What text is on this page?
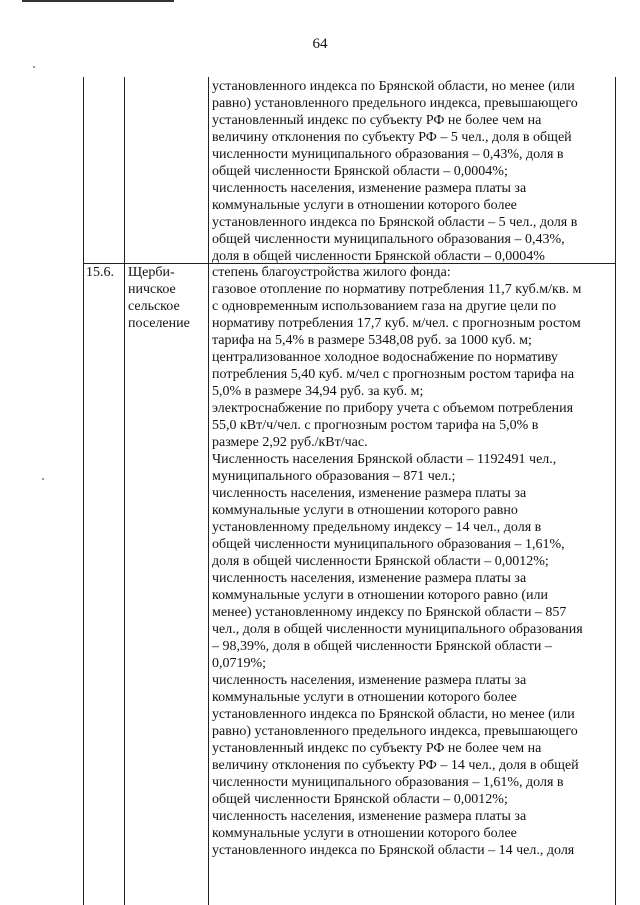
64
установленного индекса по Брянской области, но менее (или
равно) установленного предельного индекса, превышающего
установленный индекс по субъекту РФ не более чем на
величину отклонения по субъекту РФ – 5 чел., доля в общей
численности муниципального образования – 0,43%, доля в
общей численности Брянской области – 0,0004%;
численность населения, изменение размера платы за
коммунальные услуги в отношении которого более
установленного индекса по Брянской области – 5 чел., доля в
общей численности муниципального образования – 0,43%,
доля в общей численности Брянской области – 0,0004%
15.6.	Щерби-
ничское
сельское
поселение
степень благоустройства жилого фонда:
газовое отопление по нормативу потребления 11,7 куб.м/кв. м
с одновременным использованием газа на другие цели по
нормативу потребления 17,7 куб. м/чел. с прогнозным ростом
тарифа на 5,4% в размере 5348,08 руб. за 1000 куб. м;
централизованное холодное водоснабжение по нормативу
потребления 5,40 куб. м/чел с прогнозным ростом тарифа на
5,0% в размере 34,94 руб. за куб. м;
электроснабжение по прибору учета с объемом потребления
55,0 кВт/ч/чел. с прогнозным ростом тарифа на 5,0% в
размере 2,92 руб./кВт/час.
Численность населения Брянской области – 1192491 чел.,
муниципального образования – 871 чел.;
численность населения, изменение размера платы за
коммунальные услуги в отношении которого равно
установленному предельному индексу – 14 чел., доля в
общей численности муниципального образования – 1,61%,
доля в общей численности Брянской области – 0,0012%;
численность населения, изменение размера платы за
коммунальные услуги в отношении которого равно (или
менее) установленному индексу по Брянской области – 857
чел., доля в общей численности муниципального образования
– 98,39%, доля в общей численности Брянской области –
0,0719%;
численность населения, изменение размера платы за
коммунальные услуги в отношении которого более
установленного индекса по Брянской области, но менее (или
равно) установленного предельного индекса, превышающего
установленный индекс по субъекту РФ не более чем на
величину отклонения по субъекту РФ – 14 чел., доля в общей
численности муниципального образования – 1,61%, доля в
общей численности Брянской области – 0,0012%;
численность населения, изменение размера платы за
коммунальные услуги в отношении которого более
установленного индекса по Брянской области – 14 чел., доля
